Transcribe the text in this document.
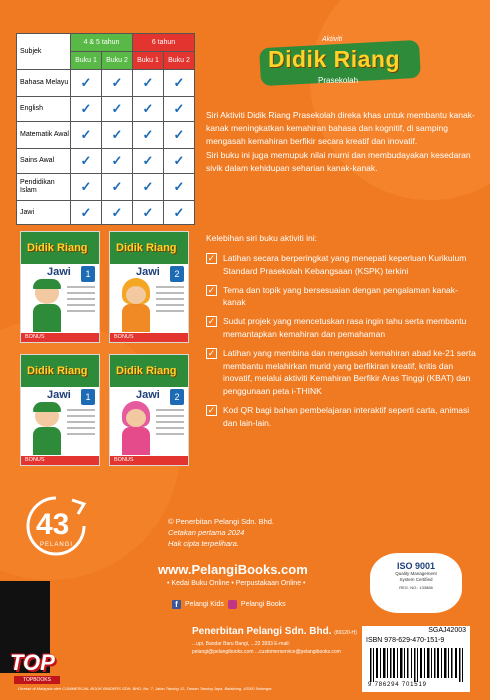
Subjek	4 & 5 tahun		6 tahun	
	Buku 1	Buku 2	Buku 1	Buku 2
Bahasa Melayu	✓	✓	✓	✓
English	✓	✓	✓	✓
Matematik Awal	✓	✓	✓	✓
Sains Awal	✓	✓	✓	✓
Pendidikan Islam	✓	✓	✓	✓
Jawi	✓	✓	✓	✓
Aktiviti
Didik Riang
Prasekolah

Siri Aktiviti Didik Riang Prasekolah direka khas untuk membantu kanak-kanak meningkatkan kemahiran bahasa dan kognitif, di samping mengasah kemahiran berfikir secara kreatif dan inovatif.

Siri buku ini juga memupuk nilai murni dan membudayakan kesedaran sivik dalam kehidupan seharian kanak-kanak.

Kelebihan siri buku aktiviti ini:
✓ Latihan secara berperingkat yang menepati keperluan Kurikulum Standard Prasekolah Kebangsaan (KSPK) terkini
✓ Tema dan topik yang bersesuaian dengan pengalaman kanak-kanak
✓ Sudut projek yang mencetuskan rasa ingin tahu serta membantu memantapkan kemahiran dan pemahaman
✓ Latihan yang membina dan mengasah kemahiran abad ke-21 serta membantu melahirkan murid yang berfikiran kreatif, kritis dan inovatif, melalui aktiviti Kemahiran Berfikir Aras Tinggi (KBAT) dan penggunaan peta i-THINK
✓ Kod QR bagi bahan pembelajaran interaktif seperti carta, animasi dan lain-lain.
Didik Riang
Jawi	1
BONUS
Didik Riang
Jawi	2
BONUS
Didik Riang
Jawi	1
BONUS
Didik Riang
Jawi	2
BONUS
43
PELANGI
© Penerbitan Pelangi Sdn. Bhd.
Cetakan pertama 2024
Hak cipta terpelihara.
www.PelangiBooks.com
• Kedai Buku Online • Perpustakaan Online •
f	Pelangi Kids Pelangi Books
Penerbitan Pelangi Sdn. Bhd. (89120-H)
...upi, Bandar Baru Bangi, ...22 3993 E-mail: pelangi@pelangibooks.com ...customerservice@pelangibooks.com
Dicetak di Malaysia oleh COMMERCIAL BOOK BINDERS SDN. BHD. No. 7, Jalan Taming 12, Taman Taming Jaya, Balakong, 43300 Selangor.
ISO 9001
Quality Management
System Certified
REG. NO.: 133868
SGAJ42003
ISBN 978-629-470-151-9
9 786294 701519
TOP
TOPBOOKS
